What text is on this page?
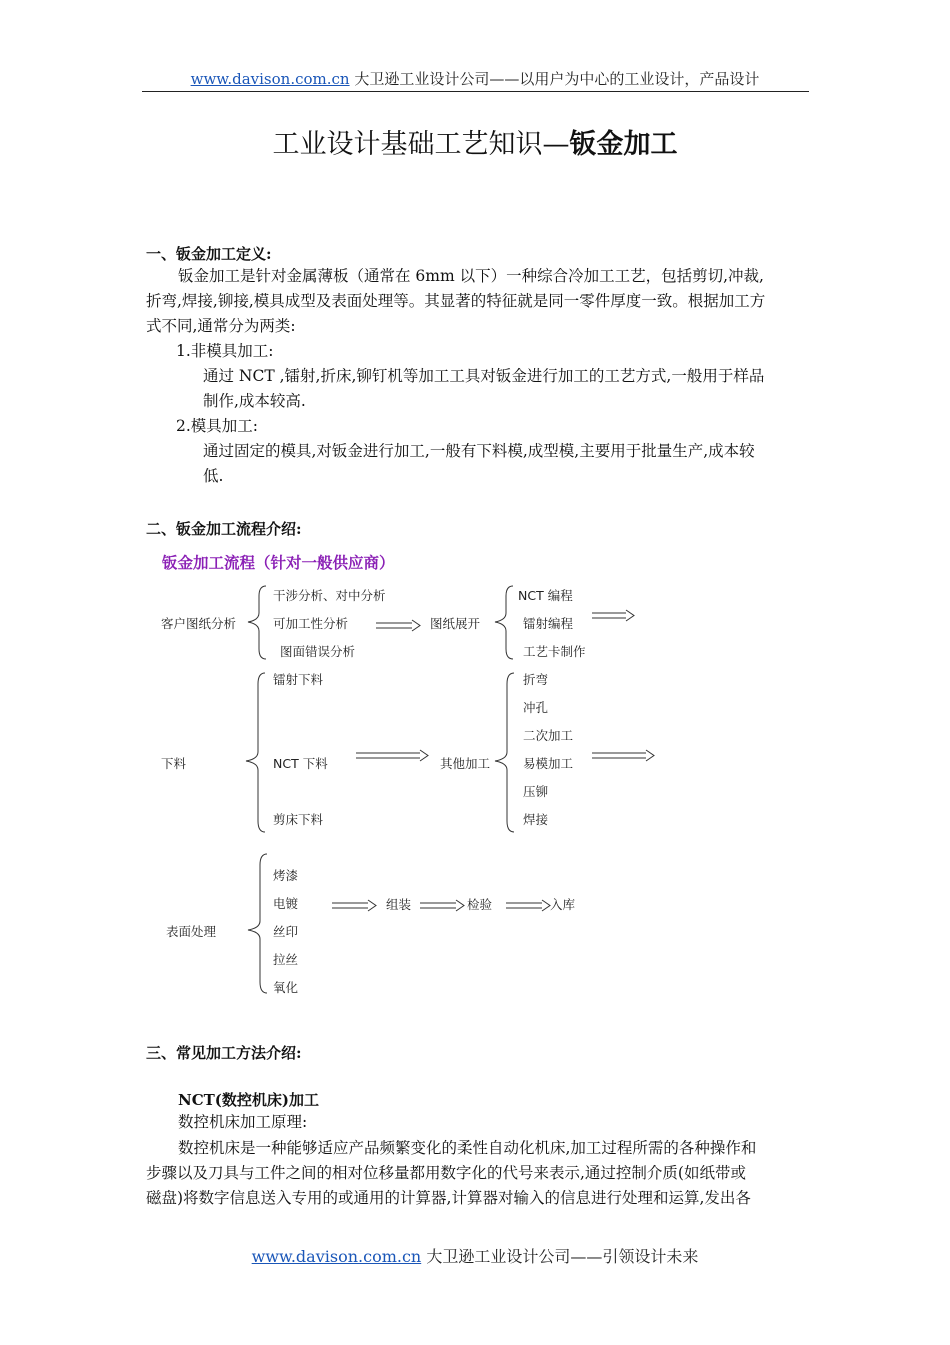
www.davison.com.cn 大卫逊工业设计公司——以用户为中心的工业设计，产品设计
工业设计基础工艺知识—钣金加工
一、钣金加工定义:
钣金加工是针对金属薄板（通常在 6mm 以下）一种综合冷加工工艺，包括剪切,冲裁,
折弯,焊接,铆接,模具成型及表面处理等。其显著的特征就是同一零件厚度一致。根据加工方
式不同,通常分为两类:
1.非模具加工:
通过 NCT ,镭射,折床,铆钉机等加工工具对钣金进行加工的工艺方式,一般用于样品
制作,成本较高.
2.模具加工:
通过固定的模具,对钣金进行加工,一般有下料模,成型模,主要用于批量生产,成本较
低.
二、钣金加工流程介绍:
钣金加工流程（针对一般供应商）
客户图纸分析
干涉分析、对中分析
可加工性分析
图面错误分析
图纸展开
NCT 编程
镭射编程
工艺卡制作
下料
镭射下料
NCT 下料
剪床下料
其他加工
折弯
冲孔
二次加工
易模加工
压铆
焊接
表面处理
烤漆
电镀
丝印
拉丝
氧化
组装	检验	入库
三、常见加工方法介绍:
NCT(数控机床)加工
数控机床加工原理:
数控机床是一种能够适应产品频繁变化的柔性自动化机床,加工过程所需的各种操作和
步骤以及刀具与工件之间的相对位移量都用数字化的代号来表示,通过控制介质(如纸带或
磁盘)将数字信息送入专用的或通用的计算器,计算器对输入的信息进行处理和运算,发出各
www.davison.com.cn 大卫逊工业设计公司——引领设计未来
